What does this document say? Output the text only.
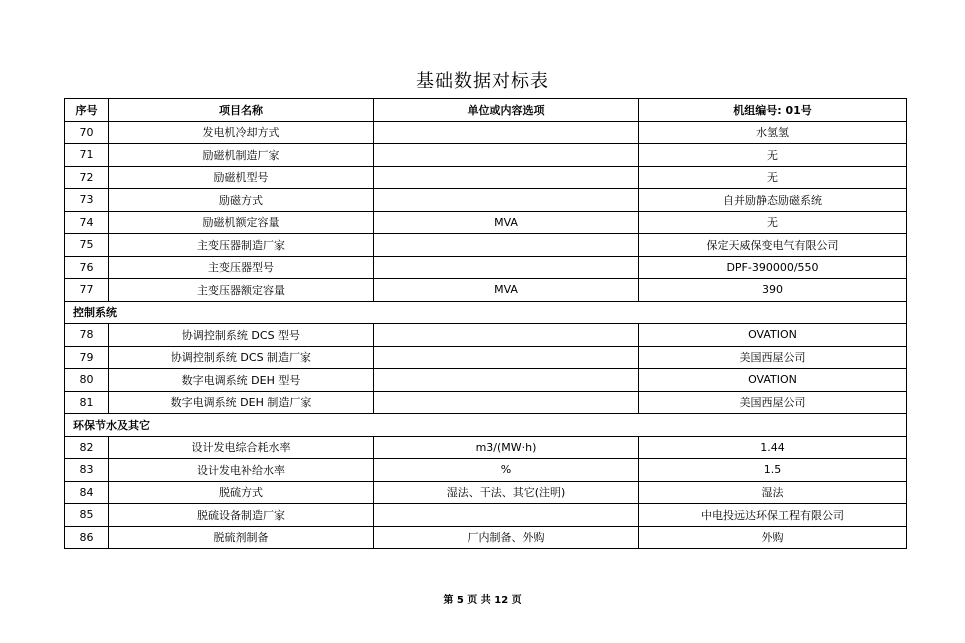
基础数据对标表
序号	项目名称	单位或内容选项	机组编号: 01号
70	发电机冷却方式		水氢氢
71	励磁机制造厂家		无
72	励磁机型号		无
73	励磁方式		自并励静态励磁系统
74	励磁机额定容量	MVA	无
75	主变压器制造厂家		保定天威保变电气有限公司
76	主变压器型号		DPF-390000/550
77	主变压器额定容量	MVA	390
控制系统			
78	协调控制系统 DCS 型号		OVATION
79	协调控制系统 DCS 制造厂家		美国西屋公司
80	数字电调系统 DEH 型号		OVATION
81	数字电调系统 DEH 制造厂家		美国西屋公司
环保节水及其它			
82	设计发电综合耗水率	m3/(MW·h)	1.44
83	设计发电补给水率	%	1.5
84	脱硫方式	湿法、干法、其它(注明)	湿法
85	脱硫设备制造厂家		中电投远达环保工程有限公司
86	脱硫剂制备	厂内制备、外购	外购
第 5 页 共 12 页
